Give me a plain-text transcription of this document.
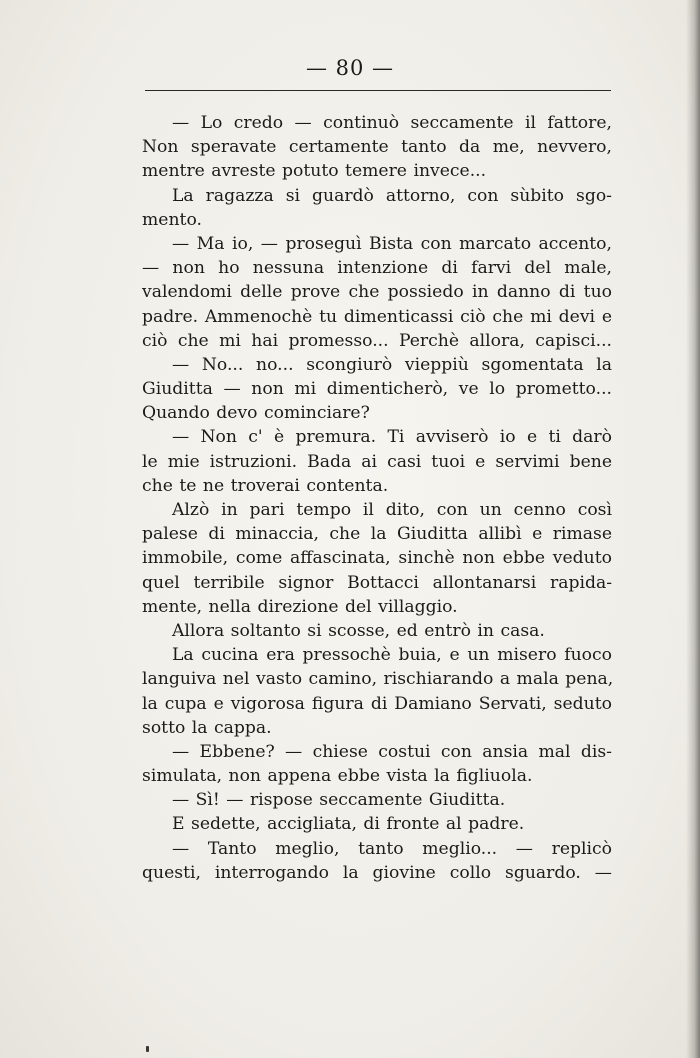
— 80 —
— Lo credo — continuò seccamente il fattore,
Non speravate certamente tanto da me, nevvero,
mentre avreste potuto temere invece...
La ragazza si guardò attorno, con sùbito sgo-
mento.
— Ma io, — proseguì Bista con marcato accento,
— non ho nessuna intenzione di farvi del male,
valendomi delle prove che possiedo in danno di tuo
padre. Ammenochè tu dimenticassi ciò che mi devi e
ciò che mi hai promesso... Perchè allora, capisci...
— No... no... scongiurò vieppiù sgomentata la
Giuditta — non mi dimenticherò, ve lo prometto...
Quando devo cominciare?
— Non c' è premura. Ti avviserò io e ti darò
le mie istruzioni. Bada ai casi tuoi e servimi bene
che te ne troverai contenta.
Alzò in pari tempo il dito, con un cenno così
palese di minaccia, che la Giuditta allibì e rimase
immobile, come affascinata, sinchè non ebbe veduto
quel terribile signor Bottacci allontanarsi rapida-
mente, nella direzione del villaggio.
Allora soltanto si scosse, ed entrò in casa.
La cucina era pressochè buia, e un misero fuoco
languiva nel vasto camino, rischiarando a mala pena,
la cupa e vigorosa figura di Damiano Servati, seduto
sotto la cappa.
— Ebbene? — chiese costui con ansia mal dis-
simulata, non appena ebbe vista la figliuola.
— Sì! — rispose seccamente Giuditta.
E sedette, accigliata, di fronte al padre.
— Tanto meglio, tanto meglio... — replicò
questi, interrogando la giovine collo sguardo. —
